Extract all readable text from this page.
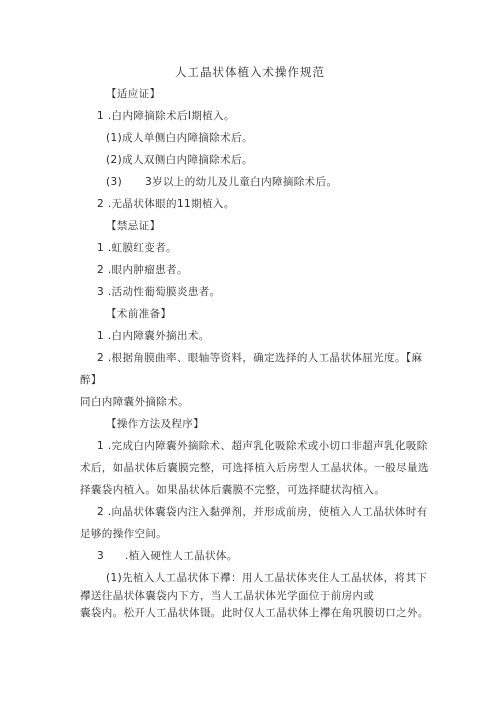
人工晶状体植入术操作规范
【适应证】
1 .白内障摘除术后I期植入。
(1)成人单侧白内障摘除术后。
(2)成人双侧白内障摘除术后。
(3) 3岁以上的幼儿及儿童白内障摘除术后。
2 .无晶状体眼的11期植入。
【禁忌证】
1 .虹膜红变者。
2 .眼内肿瘤患者。
3 .活动性葡萄膜炎患者。
【术前准备】
1 .白内障囊外摘出术。
2 .根据角膜曲率、眼轴等资料，确定选择的人工晶状体屈光度。【麻
醉】
同白内障囊外摘除术。
【操作方法及程序】
1 .完成白内障囊外摘除术、超声乳化吸除术或小切口非超声乳化吸除
术后，如晶状体后囊膜完整，可选择植入后房型人工晶状体。一般尽量选
择囊袋内植入。如果晶状体后囊膜不完整，可选择睫状沟植入。
2 .向晶状体囊袋内注入黏弹剂，并形成前房，使植入人工晶状体时有
足够的操作空间。
3 .植入硬性人工晶状体。
(1)先植入人工晶状体下襻：用人工晶状体夹住人工晶状体，将其下
襻送往晶状体囊袋内下方，当人工晶状体光学面位于前房内或
囊袋内。松开人工晶状体镊。此时仅人工晶状体上襻在角巩膜切口之外。
